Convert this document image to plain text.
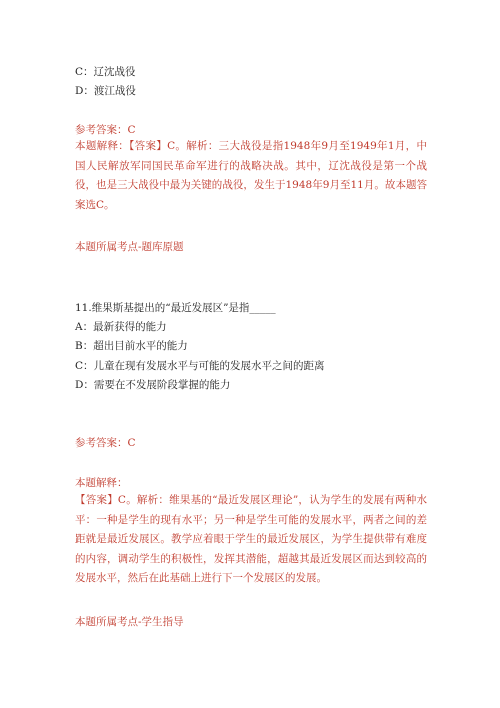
C：辽沈战役
D：渡江战役
参考答案：C
本题解释：【答案】C。解析：三大战役是指1948年9月至1949年1月，中国人民解放军同国民革命军进行的战略决战。其中，辽沈战役是第一个战役，也是三大战役中最为关键的战役，发生于1948年9月至11月。故本题答案选C。
本题所属考点-题库原题
11.维果斯基提出的“最近发展区”是指_____
A：最新获得的能力
B：超出目前水平的能力
C：儿童在现有发展水平与可能的发展水平之间的距离
D：需要在不发展阶段掌握的能力
参考答案：C
本题解释：
【答案】C。解析：维果基的“最近发展区理论”，认为学生的发展有两种水平：一种是学生的现有水平；另一种是学生可能的发展水平，两者之间的差距就是最近发展区。教学应着眼于学生的最近发展区，为学生提供带有难度的内容，调动学生的积极性，发挥其潜能，超越其最近发展区而达到较高的发展水平，然后在此基础上进行下一个发展区的发展。
本题所属考点-学生指导
